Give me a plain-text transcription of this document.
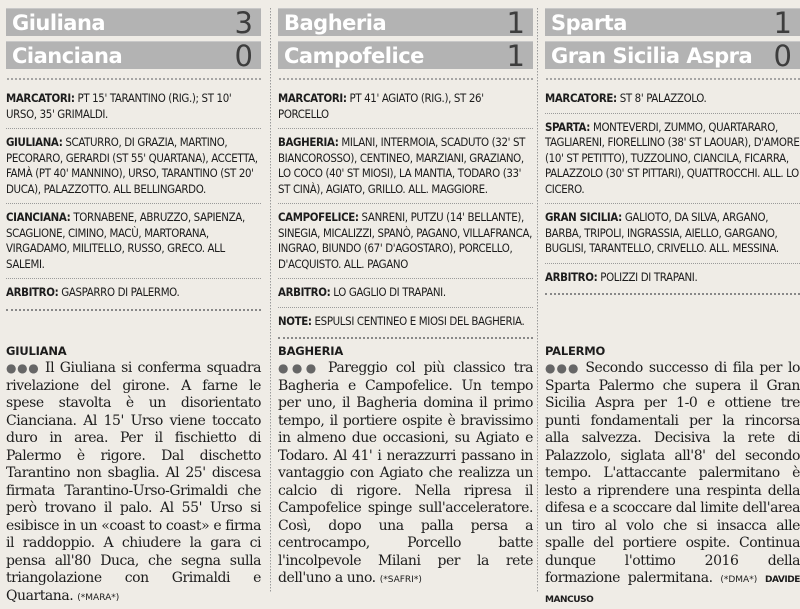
Giuliana	3
Cianciana	0
MARCATORI: PT 15' TARANTINO (RIG.); ST 10' URSO, 35' GRIMALDI.
GIULIANA: SCATURRO, DI GRAZIA, MARTINO, PECORARO, GERARDI (ST 55' QUARTANA), ACCETTA, FAMÀ (PT 40' MANNINO), URSO, TARANTINO (ST 20' DUCA), PALAZZOTTO. ALL BELLINGARDO.
CIANCIANA: TORNABENE, ABRUZZO, SAPIENZA, SCAGLIONE, CIMINO, MACÙ, MARTORANA, VIRGADAMO, MILITELLO, RUSSO, GRECO. ALL SALEMI.
ARBITRO: GASPARRO DI PALERMO.
GIULIANA
●●● Il Giuliana si conferma squadra rivelazione del girone. A farne le spese stavolta è un disorientato Cianciana. Al 15' Urso viene toccato duro in area. Per il fischietto di Palermo è rigore. Dal dischetto Tarantino non sbaglia. Al 25' discesa firmata Tarantino-Urso-Grimaldi che però trovano il palo. Al 55' Urso si esibisce in un «coast to coast» e firma il raddoppio. A chiudere la gara ci pensa all'80 Duca, che segna sulla triangolazione con Grimaldi e Quartana. (*MARA*)
Bagheria	1
Campofelice	1
MARCATORI: PT 41' AGIATO (RIG.), ST 26' PORCELLO
BAGHERIA: MILANI, INTERMOIA, SCADUTO (32' ST BIANCOROSSO), CENTINEO, MARZIANI, GRAZIANO, LO COCO (40' ST MIOSI), LA MANTIA, TODARO (33' ST CINÀ), AGIATO, GRILLO. ALL. MAGGIORE.
CAMPOFELICE: SANRENI, PUTZU (14' BELLANTE), SINEGIA, MICALIZZI, SPANÒ, PAGANO, VILLAFRANCA, INGRAO, BIUNDO (67' D'AGOSTARO), PORCELLO, D'ACQUISTO. ALL. PAGANO
ARBITRO: LO GAGLIO DI TRAPANI.
NOTE: ESPULSI CENTINEO E MIOSI DEL BAGHERIA.
BAGHERIA
●●● Pareggio col più classico tra Bagheria e Campofelice. Un tempo per uno, il Bagheria domina il primo tempo, il portiere ospite è bravissimo in almeno due occasioni, su Agiato e Todaro. Al 41' i nerazzurri passano in vantaggio con Agiato che realizza un calcio di rigore. Nella ripresa il Campofelice spinge sull'acceleratore. Così, dopo una palla persa a centrocampo, Porcello batte l'incolpevole Milani per la rete dell'uno a uno. (*SAFRI*)
Sparta	1
Gran Sicilia Aspra 0
MARCATORE: ST 8' PALAZZOLO.
SPARTA: MONTEVERDI, ZUMMO, QUARTARARO, TAGLIARENI, FIORELLINO (38' ST LAOUAR), D'AMORE (10' ST PETITTO), TUZZOLINO, CIANCILA, FICARRA, PALAZZOLO (30' ST PITTARI), QUATTROCCHI. ALL. LO CICERO.
GRAN SICILIA: GALIOTO, DA SILVA, ARGANO, BARBA, TRIPOLI, INGRASSIA, AIELLO, GARGANO, BUGLISI, TARANTELLO, CRIVELLO. ALL. MESSINA.
ARBITRO: POLIZZI DI TRAPANI.
PALERMO
●●● Secondo successo di fila per lo Sparta Palermo che supera il Gran Sicilia Aspra per 1-0 e ottiene tre punti fondamentali per la rincorsa alla salvezza. Decisiva la rete di Palazzolo, siglata all'8' del secondo tempo. L'attaccante palermitano è lesto a riprendere una respinta della difesa e a scoccare dal limite dell'area un tiro al volo che si insacca alle spalle del portiere ospite. Continua dunque l'ottimo 2016 della formazione palermitana. (*DMA*) DAVIDE MANCUSO
